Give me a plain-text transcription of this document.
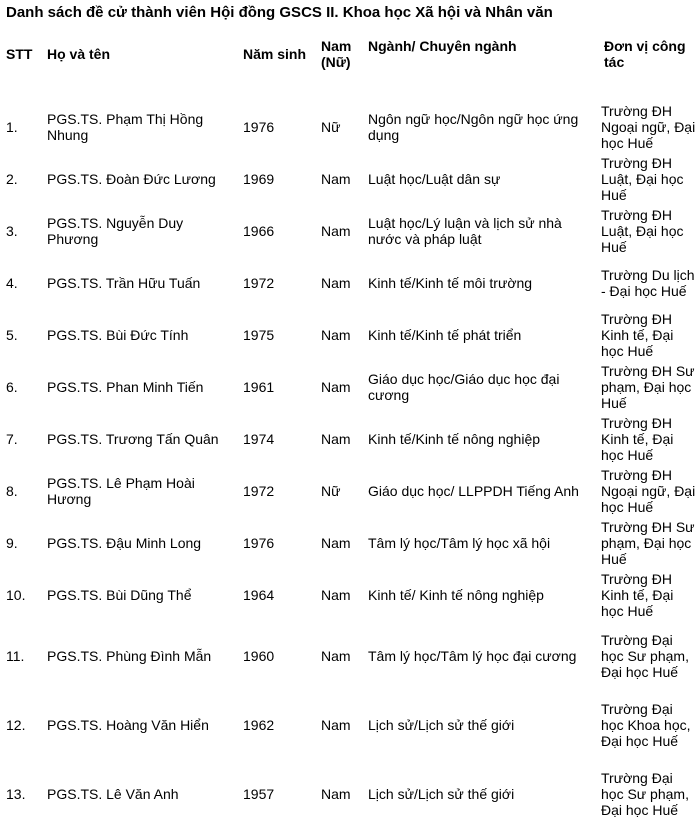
Danh sách đề cử thành viên Hội đồng GSCS II. Khoa học Xã hội và Nhân văn
STT	Họ và tên	Năm sinh	Nam (Nữ)	Ngành/ Chuyên ngành	Đơn vị công tác
1.	PGS.TS. Phạm Thị Hồng Nhung	1976	Nữ	Ngôn ngữ học/Ngôn ngữ học ứng dụng	Trường ĐH Ngoại ngữ, Đại học Huế
2.	PGS.TS. Đoàn Đức Lương	1969	Nam	Luật học/Luật dân sự	Trường ĐH Luật, Đại học Huế
3.	PGS.TS. Nguyễn Duy Phương	1966	Nam	Luật học/Lý luận và lịch sử nhà nước và pháp luật	Trường ĐH Luật, Đại học Huế
4.	PGS.TS. Trần Hữu Tuấn	1972	Nam	Kinh tế/Kinh tế môi trường	Trường Du lịch - Đại học Huế
5.	PGS.TS. Bùi Đức Tính	1975	Nam	Kinh tế/Kinh tế phát triển	Trường ĐH Kinh tế, Đại học Huế
6.	PGS.TS. Phan Minh Tiến	1961	Nam	Giáo dục học/Giáo dục học đại cương	Trường ĐH Sư phạm, Đại học Huế
7.	PGS.TS. Trương Tấn Quân	1974	Nam	Kinh tế/Kinh tế nông nghiệp	Trường ĐH Kinh tế, Đại học Huế
8.	PGS.TS. Lê Phạm Hoài Hương	1972	Nữ	Giáo dục học/ LLPPDH Tiếng Anh	Trường ĐH Ngoại ngữ, Đại học Huế
9.	PGS.TS. Đậu Minh Long	1976	Nam	Tâm lý học/Tâm lý học xã hội	Trường ĐH Sư phạm, Đại học Huế
10.	PGS.TS. Bùi Dũng Thể	1964	Nam	Kinh tế/ Kinh tế nông nghiệp	Trường ĐH Kinh tế, Đại học Huế
11.	PGS.TS. Phùng Đình Mẫn	1960	Nam	Tâm lý học/Tâm lý học đại cương	Trường Đại học Sư phạm, Đại học Huế
12.	PGS.TS. Hoàng Văn Hiển	1962	Nam	Lịch sử/Lịch sử thế giới	Trường Đại học Khoa học, Đại học Huế
13.	PGS.TS. Lê Văn Anh	1957	Nam	Lịch sử/Lịch sử thế giới	Trường Đại học Sư phạm, Đại học Huế
